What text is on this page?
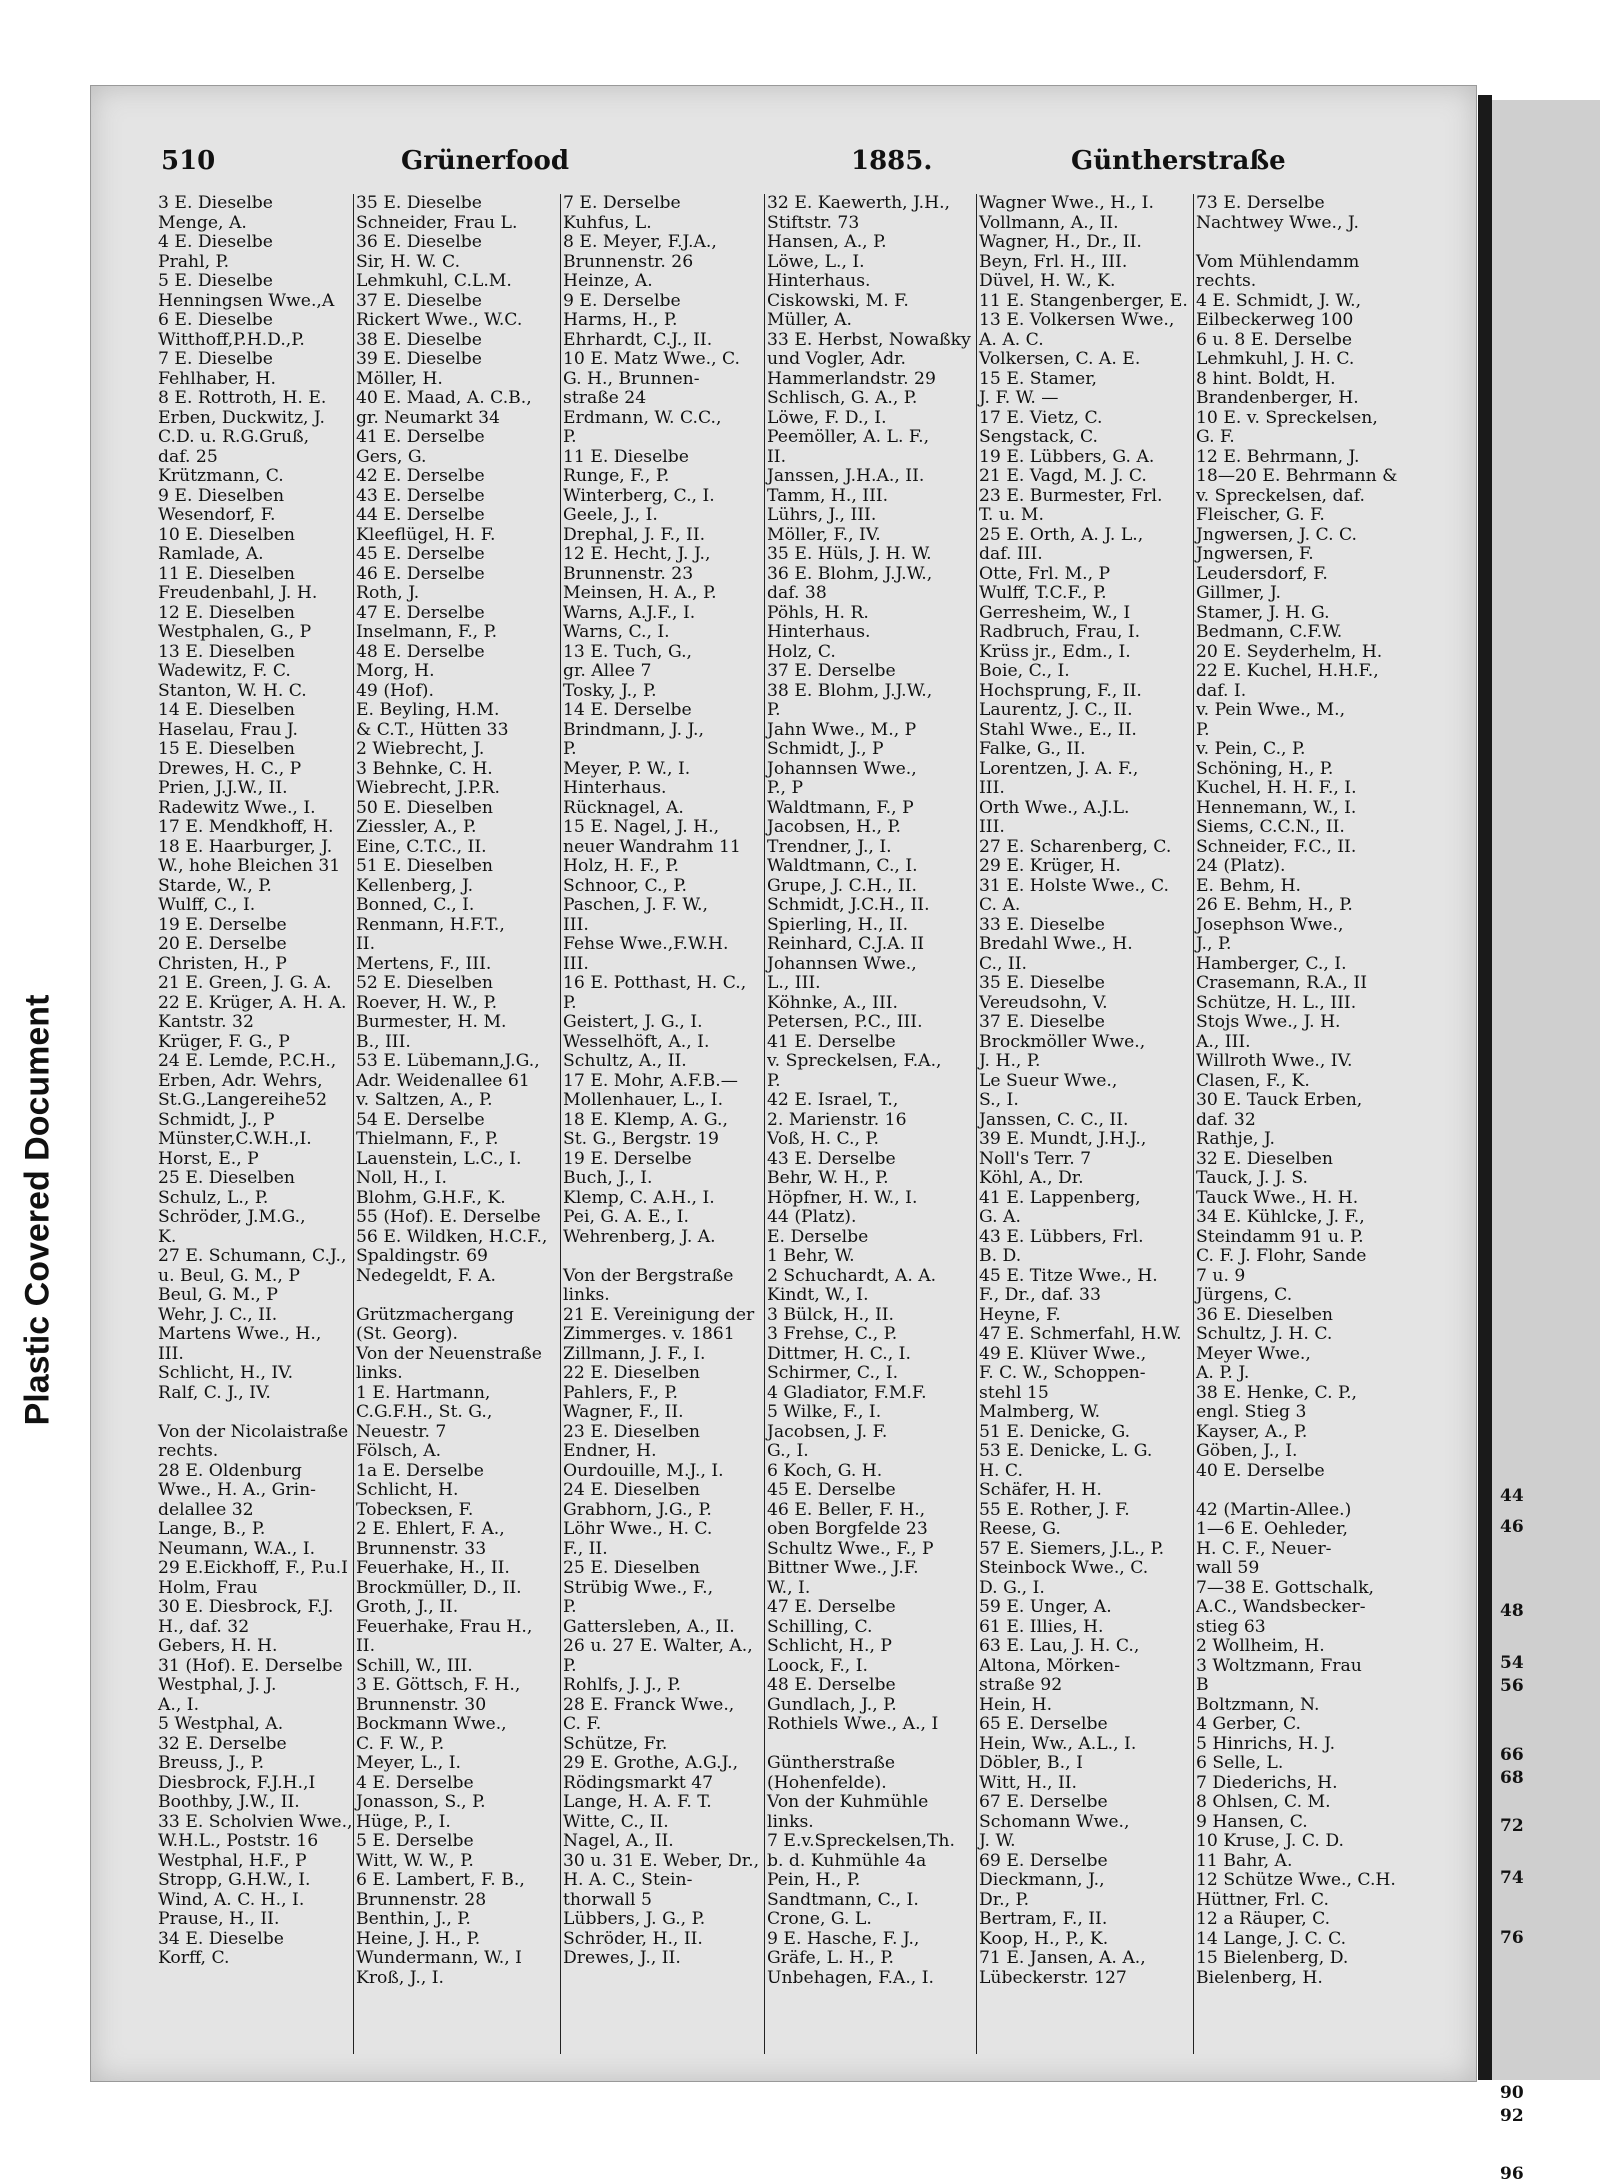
Plastic Covered Document
510	Grünerfood	1885.	Güntherstraße
3 E. Dieselbe
Menge, A.
4 E. Dieselbe
Prahl, P.
5 E. Dieselbe
Henningsen Wwe.,A
6 E. Dieselbe
Witthoff,P.H.D.,P.
7 E. Dieselbe
Fehlhaber, H.
8 E. Rottroth, H. E.
Erben, Duckwitz, J.
C.D. u. R.G.Gruß,
daf. 25
Krützmann, C.
9 E. Dieselben
Wesendorf, F.
10 E. Dieselben
Ramlade, A.
11 E. Dieselben
Freudenbahl, J. H.
12 E. Dieselben
Westphalen, G., P
13 E. Dieselben
Wadewitz, F. C.
Stanton, W. H. C.
14 E. Dieselben
Haselau, Frau J.
15 E. Dieselben
Drewes, H. C., P
Prien, J.J.W., II.
Radewitz Wwe., I.
17 E. Mendkhoff, H.
18 E. Haarburger, J.
W., hohe Bleichen 31
Starde, W., P.
Wulff, C., I.
19 E. Derselbe
20 E. Derselbe
Christen, H., P
21 E. Green, J. G. A.
22 E. Krüger, A. H. A.
Kantstr. 32
Krüger, F. G., P
24 E. Lemde, P.C.H.,
Erben, Adr. Wehrs,
St.G.,Langereihe52
Schmidt, J., P
Münster,C.W.H.,I.
Horst, E., P
25 E. Dieselben
Schulz, L., P.
Schröder, J.M.G.,
K.
27 E. Schumann, C.J.,
u. Beul, G. M., P
Beul, G. M., P
Wehr, J. C., II.
Martens Wwe., H.,
III.
Schlicht, H., IV.
Ralf, C. J., IV.
Von der Nicolaistraße
rechts.
28 E. Oldenburg
Wwe., H. A., Grin-
delallee 32
Lange, B., P.
Neumann, W.A., I.
29 E.Eickhoff, F., P.u.I
Holm, Frau
30 E. Diesbrock, F.J.
H., daf. 32
Gebers, H. H.
31 (Hof). E. Derselbe
Westphal, J. J.
A., I.
5 Westphal, A.
32 E. Derselbe
Breuss, J., P.
Diesbrock, F.J.H.,I
Boothby, J.W., II.
33 E. Scholvien Wwe.,
W.H.L., Poststr. 16
Westphal, H.F., P
Stropp, G.H.W., I.
Wind, A. C. H., I.
Prause, H., II.
34 E. Dieselbe
Korff, C.
35 E. Dieselbe
Schneider, Frau L.
36 E. Dieselbe
Sir, H. W. C.
Lehmkuhl, C.L.M.
37 E. Dieselbe
Rickert Wwe., W.C.
38 E. Dieselbe
39 E. Dieselbe
Möller, H.
40 E. Maad, A. C.B.,
gr. Neumarkt 34
41 E. Derselbe
Gers, G.
42 E. Derselbe
43 E. Derselbe
44 E. Derselbe
Kleeflügel, H. F.
45 E. Derselbe
46 E. Derselbe
Roth, J.
47 E. Derselbe
Inselmann, F., P.
48 E. Derselbe
Morg, H.
49 (Hof).
E. Beyling, H.M.
& C.T., Hütten 33
2 Wiebrecht, J.
3 Behnke, C. H.
Wiebrecht, J.P.R.
50 E. Dieselben
Ziessler, A., P.
Eine, C.T.C., II.
51 E. Dieselben
Kellenberg, J.
Bonned, C., I.
Renmann, H.F.T.,
II.
Mertens, F., III.
52 E. Dieselben
Roever, H. W., P.
Burmester, H. M.
B., III.
53 E. Lübemann,J.G.,
Adr. Weidenallee 61
v. Saltzen, A., P.
54 E. Derselbe
Thielmann, F., P.
Lauenstein, L.C., I.
Noll, H., I.
Blohm, G.H.F., K.
55 (Hof). E. Derselbe
56 E. Wildken, H.C.F.,
Spaldingstr. 69
Nedegeldt, F. A.
Grützmachergang
(St. Georg).
Von der Neuenstraße
links.
1 E. Hartmann,
C.G.F.H., St. G.,
Neuestr. 7
Fölsch, A.
1a E. Derselbe
Schlicht, H.
Tobecksen, F.
2 E. Ehlert, F. A.,
Brunnenstr. 33
Feuerhake, H., II.
Brockmüller, D., II.
Groth, J., II.
Feuerhake, Frau H.,
II.
Schill, W., III.
3 E. Göttsch, F. H.,
Brunnenstr. 30
Bockmann Wwe.,
C. F. W., P.
Meyer, L., I.
4 E. Derselbe
Jonasson, S., P.
Hüge, P., I.
5 E. Derselbe
Witt, W. W., P.
6 E. Lambert, F. B.,
Brunnenstr. 28
Benthin, J., P.
Heine, J. H., P.
Wundermann, W., I
Kroß, J., I.
7 E. Derselbe
Kuhfus, L.
8 E. Meyer, F.J.A.,
Brunnenstr. 26
Heinze, A.
9 E. Derselbe
Harms, H., P.
Ehrhardt, C.J., II.
10 E. Matz Wwe., C.
G. H., Brunnen-
straße 24
Erdmann, W. C.C.,
P.
11 E. Dieselbe
Runge, F., P.
Winterberg, C., I.
Geele, J., I.
Drephal, J. F., II.
12 E. Hecht, J. J.,
Brunnenstr. 23
Meinsen, H. A., P.
Warns, A.J.F., I.
Warns, C., I.
13 E. Tuch, G.,
gr. Allee 7
Tosky, J., P.
14 E. Derselbe
Brindmann, J. J.,
P.
Meyer, P. W., I.
Hinterhaus.
Rücknagel, A.
15 E. Nagel, J. H.,
neuer Wandrahm 11
Holz, H. F., P.
Schnoor, C., P.
Paschen, J. F. W.,
III.
Fehse Wwe.,F.W.H.
III.
16 E. Potthast, H. C.,
P.
Geistert, J. G., I.
Wesselhöft, A., I.
Schultz, A., II.
17 E. Mohr, A.F.B.—
Mollenhauer, L., I.
18 E. Klemp, A. G.,
St. G., Bergstr. 19
19 E. Derselbe
Buch, J., I.
Klemp, C. A.H., I.
Pei, G. A. E., I.
Wehrenberg, J. A.
Von der Bergstraße
links.
21 E. Vereinigung der
Zimmerges. v. 1861
Zillmann, J. F., I.
22 E. Dieselben
Pahlers, F., P.
Wagner, F., II.
23 E. Dieselben
Endner, H.
Ourdouille, M.J., I.
24 E. Dieselben
Grabhorn, J.G., P.
Löhr Wwe., H. C.
F., II.
25 E. Dieselben
Strübig Wwe., F.,
P.
Gattersleben, A., II.
26 u. 27 E. Walter, A.,
P.
Rohlfs, J. J., P.
28 E. Franck Wwe.,
C. F.
Schütze, Fr.
29 E. Grothe, A.G.J.,
Rödingsmarkt 47
Lange, H. A. F. T.
Witte, C., II.
Nagel, A., II.
30 u. 31 E. Weber, Dr.,
H. A. C., Stein-
thorwall 5
Lübbers, J. G., P.
Schröder, H., II.
Drewes, J., II.
32 E. Kaewerth, J.H.,
Stiftstr. 73
Hansen, A., P.
Löwe, L., I.
Hinterhaus.
Ciskowski, M. F.
Müller, A.
33 E. Herbst, Nowaßky
und Vogler, Adr.
Hammerlandstr. 29
Schlisch, G. A., P.
Löwe, F. D., I.
Peemöller, A. L. F.,
II.
Janssen, J.H.A., II.
Tamm, H., III.
Lührs, J., III.
Möller, F., IV.
35 E. Hüls, J. H. W.
36 E. Blohm, J.J.W.,
daf. 38
Pöhls, H. R.
Hinterhaus.
Holz, C.
37 E. Derselbe
38 E. Blohm, J.J.W.,
P.
Jahn Wwe., M., P
Schmidt, J., P
Johannsen Wwe.,
P., P
Waldtmann, F., P
Jacobsen, H., P.
Trendner, J., I.
Waldtmann, C., I.
Grupe, J. C.H., II.
Schmidt, J.C.H., II.
Spierling, H., II.
Reinhard, C.J.A. II
Johannsen Wwe.,
L., III.
Köhnke, A., III.
Petersen, P.C., III.
41 E. Derselbe
v. Spreckelsen, F.A.,
P.
42 E. Israel, T.,
2. Marienstr. 16
Voß, H. C., P.
43 E. Derselbe
Behr, W. H., P.
Höpfner, H. W., I.
44 (Platz).
E. Derselbe
1 Behr, W.
2 Schuchardt, A. A.
Kindt, W., I.
3 Bülck, H., II.
3 Frehse, C., P.
Dittmer, H. C., I.
Schirmer, C., I.
4 Gladiator, F.M.F.
5 Wilke, F., I.
Jacobsen, J. F.
G., I.
6 Koch, G. H.
45 E. Derselbe
46 E. Beller, F. H.,
oben Borgfelde 23
Schultz Wwe., F., P
Bittner Wwe., J.F.
W., I.
47 E. Derselbe
Schilling, C.
Schlicht, H., P
Loock, F., I.
48 E. Derselbe
Gundlach, J., P.
Rothiels Wwe., A., I
Güntherstraße
(Hohenfelde).
Von der Kuhmühle
links.
7 E.v.Spreckelsen,Th.
b. d. Kuhmühle 4a
Pein, H., P.
Sandtmann, C., I.
Crone, G. L.
9 E. Hasche, F. J.,
Gräfe, L. H., P.
Unbehagen, F.A., I.
Wagner Wwe., H., I.
Vollmann, A., II.
Wagner, H., Dr., II.
Beyn, Frl. H., III.
Düvel, H. W., K.
11 E. Stangenberger, E.
13 E. Volkersen Wwe.,
A. A. C.
Volkersen, C. A. E.
15 E. Stamer,
J. F. W. —
17 E. Vietz, C.
Sengstack, C.
19 E. Lübbers, G. A.
21 E. Vagd, M. J. C.
23 E. Burmester, Frl.
T. u. M.
25 E. Orth, A. J. L.,
daf. III.
Otte, Frl. M., P
Wulff, T.C.F., P.
Gerresheim, W., I
Radbruch, Frau, I.
Krüss jr., Edm., I.
Boie, C., I.
Hochsprung, F., II.
Laurentz, J. C., II.
Stahl Wwe., E., II.
Falke, G., II.
Lorentzen, J. A. F.,
III.
Orth Wwe., A.J.L.
III.
27 E. Scharenberg, C.
29 E. Krüger, H.
31 E. Holste Wwe., C.
C. A.
33 E. Dieselbe
Bredahl Wwe., H.
C., II.
35 E. Dieselbe
Vereudsohn, V.
37 E. Dieselbe
Brockmöller Wwe.,
J. H., P.
Le Sueur Wwe.,
S., I.
Janssen, C. C., II.
39 E. Mundt, J.H.J.,
Noll's Terr. 7
Köhl, A., Dr.
41 E. Lappenberg,
G. A.
43 E. Lübbers, Frl.
B. D.
45 E. Titze Wwe., H.
F., Dr., daf. 33
Heyne, F.
47 E. Schmerfahl, H.W.
49 E. Klüver Wwe.,
F. C. W., Schoppen-
stehl 15
Malmberg, W.
51 E. Denicke, G.
53 E. Denicke, L. G.
H. C.
Schäfer, H. H.
55 E. Rother, J. F.
Reese, G.
57 E. Siemers, J.L., P.
Steinbock Wwe., C.
D. G., I.
59 E. Unger, A.
61 E. Illies, H.
63 E. Lau, J. H. C.,
Altona, Mörken-
straße 92
Hein, H.
65 E. Derselbe
Hein, Ww., A.L., I.
Döbler, B., I
Witt, H., II.
67 E. Derselbe
Schomann Wwe.,
J. W.
69 E. Derselbe
Dieckmann, J.,
Dr., P.
Bertram, F., II.
Koop, H., P., K.
71 E. Jansen, A. A.,
Lübeckerstr. 127
73 E. Derselbe
Nachtwey Wwe., J.
Vom Mühlendamm
rechts.
4 E. Schmidt, J. W.,
Eilbeckerweg 100
6 u. 8 E. Derselbe
Lehmkuhl, J. H. C.
8 hint. Boldt, H.
Brandenberger, H.
10 E. v. Spreckelsen,
G. F.
12 E. Behrmann, J.
18—20 E. Behrmann &
v. Spreckelsen, daf.
Fleischer, G. F.
Jngwersen, J. C. C.
Jngwersen, F.
Leudersdorf, F.
Gillmer, J.
Stamer, J. H. G.
Bedmann, C.F.W.
20 E. Seyderhelm, H.
22 E. Kuchel, H.H.F.,
daf. I.
v. Pein Wwe., M.,
P.
v. Pein, C., P.
Schöning, H., P.
Kuchel, H. H. F., I.
Hennemann, W., I.
Siems, C.C.N., II.
Schneider, F.C., II.
24 (Platz).
E. Behm, H.
26 E. Behm, H., P.
Josephson Wwe.,
J., P.
Hamberger, C., I.
Crasemann, R.A., II
Schütze, H. L., III.
Stojs Wwe., J. H.
A., III.
Willroth Wwe., IV.
Clasen, F., K.
30 E. Tauck Erben,
daf. 32
Rathje, J.
32 E. Dieselben
Tauck, J. J. S.
Tauck Wwe., H. H.
34 E. Kühlcke, J. F.,
Steindamm 91 u. P.
C. F. J. Flohr, Sande
7 u. 9
Jürgens, C.
36 E. Dieselben
Schultz, J. H. C.
Meyer Wwe.,
A. P. J.
38 E. Henke, C. P.,
engl. Stieg 3
Kayser, A., P.
Göben, J., I.
40 E. Derselbe
42 (Martin-Allee.)
1—6 E. Oehleder,
H. C. F., Neuer-
wall 59
7—38 E. Gottschalk,
A.C., Wandsbecker-
stieg 63
2 Wollheim, H.
3 Woltzmann, Frau
B
Boltzmann, N.
4 Gerber, C.
5 Hinrichs, H. J.
6 Selle, L.
7 Diederichs, H.
8 Ohlsen, C. M.
9 Hansen, C.
10 Kruse, J. C. D.
11 Bahr, A.
12 Schütze Wwe., C.H.
Hüttner, Frl. C.
12 a Räuper, C.
14 Lange, J. C. C.
15 Bielenberg, D.
Bielenberg, H.
44
46
48
54
56
66
68
72
74
76
90
92
96
